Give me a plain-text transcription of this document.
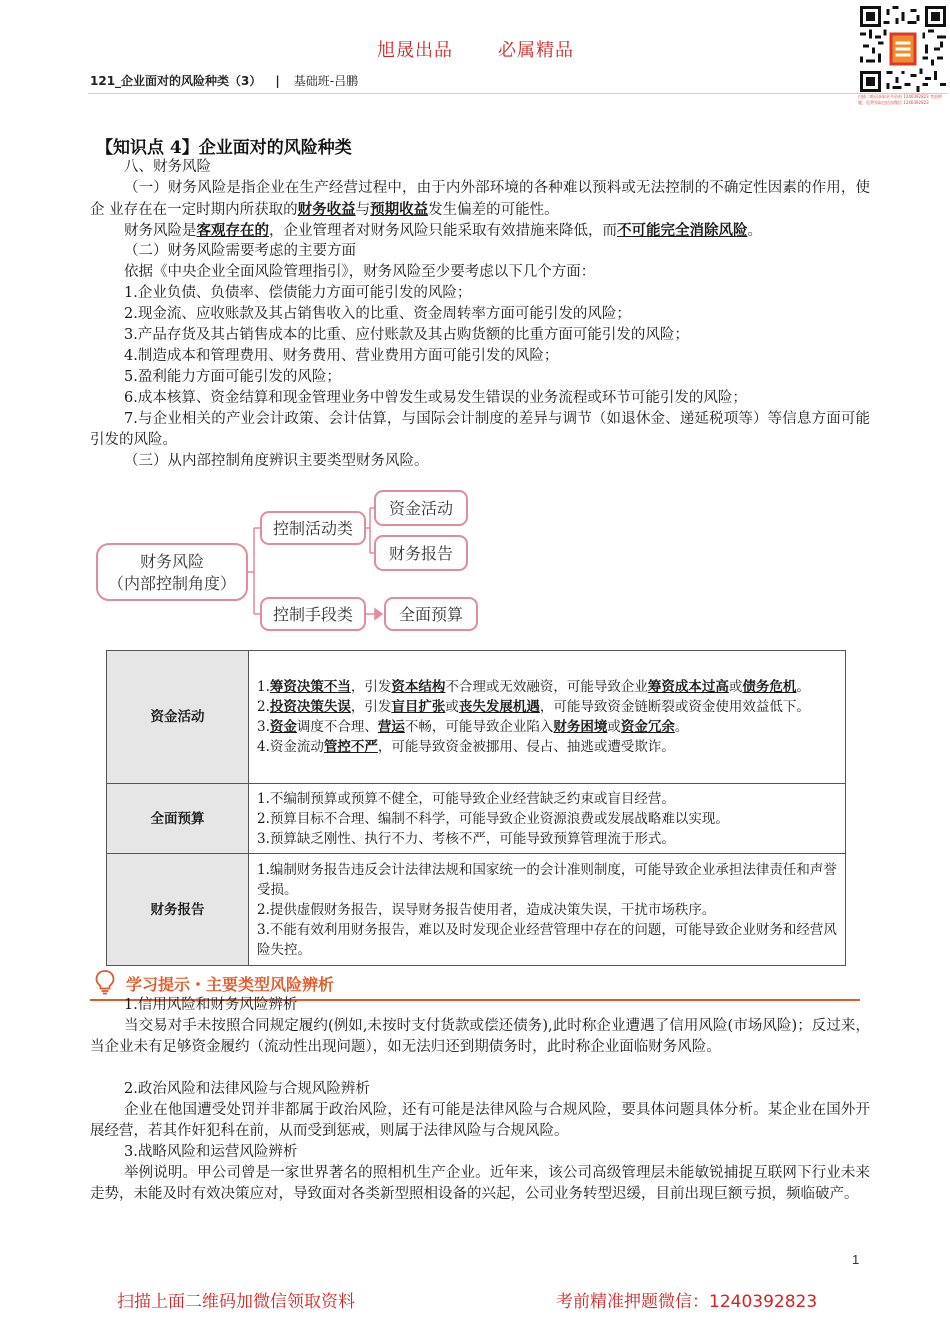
旭晟出品	必属精品
121_企业面对的风险种类（3） | 基础班-吕鹏
扫描二维码获取更多资料 1240392823 考前押题，免费领取包括加微信 1240392823
【知识点 4】企业面对的风险种类
八、财务风险
（一）财务风险是指企业在生产经营过程中，由于内外部环境的各种难以预料或无法控制的不确定性因素的作用，使企 业存在在一定时期内所获取的财务收益与预期收益发生偏差的可能性。
财务风险是客观存在的，企业管理者对财务风险只能采取有效措施来降低，而不可能完全消除风险。
（二）财务风险需要考虑的主要方面
依据《中央企业全面风险管理指引》，财务风险至少要考虑以下几个方面：
1.企业负债、负债率、偿债能力方面可能引发的风险；
2.现金流、应收账款及其占销售收入的比重、资金周转率方面可能引发的风险；
3.产品存货及其占销售成本的比重、应付账款及其占购货额的比重方面可能引发的风险；
4.制造成本和管理费用、财务费用、营业费用方面可能引发的风险；
5.盈利能力方面可能引发的风险；
6.成本核算、资金结算和现金管理业务中曾发生或易发生错误的业务流程或环节可能引发的风险；
7.与企业相关的产业会计政策、会计估算，与国际会计制度的差异与调节（如退休金、递延税项等）等信息方面可能引发的风险。
（三）从内部控制角度辨识主要类型财务风险。
财务风险
（内部控制角度）
控制活动类
控制手段类
资金活动
财务报告
全面预算
资金活动	1.筹资决策不当，引发资本结构不合理或无效融资，可能导致企业筹资成本过高或债务危机。
2.投资决策失误，引发盲目扩张或丧失发展机遇，可能导致资金链断裂或资金使用效益低下。
3.资金调度不合理、营运不畅，可能导致企业陷入财务困境或资金冗余。
4.资金流动管控不严，可能导致资金被挪用、侵占、抽逃或遭受欺诈。

全面预算	1.不编制预算或预算不健全，可能导致企业经营缺乏约束或盲目经营。
2.预算目标不合理、编制不科学，可能导致企业资源浪费或发展战略难以实现。
3.预算缺乏刚性、执行不力、考核不严，可能导致预算管理流于形式。

财务报告	1.编制财务报告违反会计法律法规和国家统一的会计准则制度，可能导致企业承担法律责任和声誉受损。
2.提供虚假财务报告，误导财务报告使用者，造成决策失误，干扰市场秩序。
3.不能有效利用财务报告，难以及时发现企业经营管理中存在的问题，可能导致企业财务和经营风险失控。
学习提示・主要类型风险辨析
1.信用风险和财务风险辨析
当交易对手未按照合同规定履约(例如,未按时支付货款或偿还债务),此时称企业遭遇了信用风险(市场风险)；反过来，当企业未有足够资金履约（流动性出现问题），如无法归还到期债务时，此时称企业面临财务风险。
2.政治风险和法律风险与合规风险辨析
企业在他国遭受处罚并非都属于政治风险，还有可能是法律风险与合规风险，要具体问题具体分析。某企业在国外开展经营，若其作奸犯科在前，从而受到惩戒，则属于法律风险与合规风险。
3.战略风险和运营风险辨析
举例说明。甲公司曾是一家世界著名的照相机生产企业。近年来，该公司高级管理层未能敏锐捕捉互联网下行业未来走势，未能及时有效决策应对，导致面对各类新型照相设备的兴起，公司业务转型迟缓，目前出现巨额亏损，频临破产。
1
扫描上面二维码加微信领取资料	考前精准押题微信：1240392823
